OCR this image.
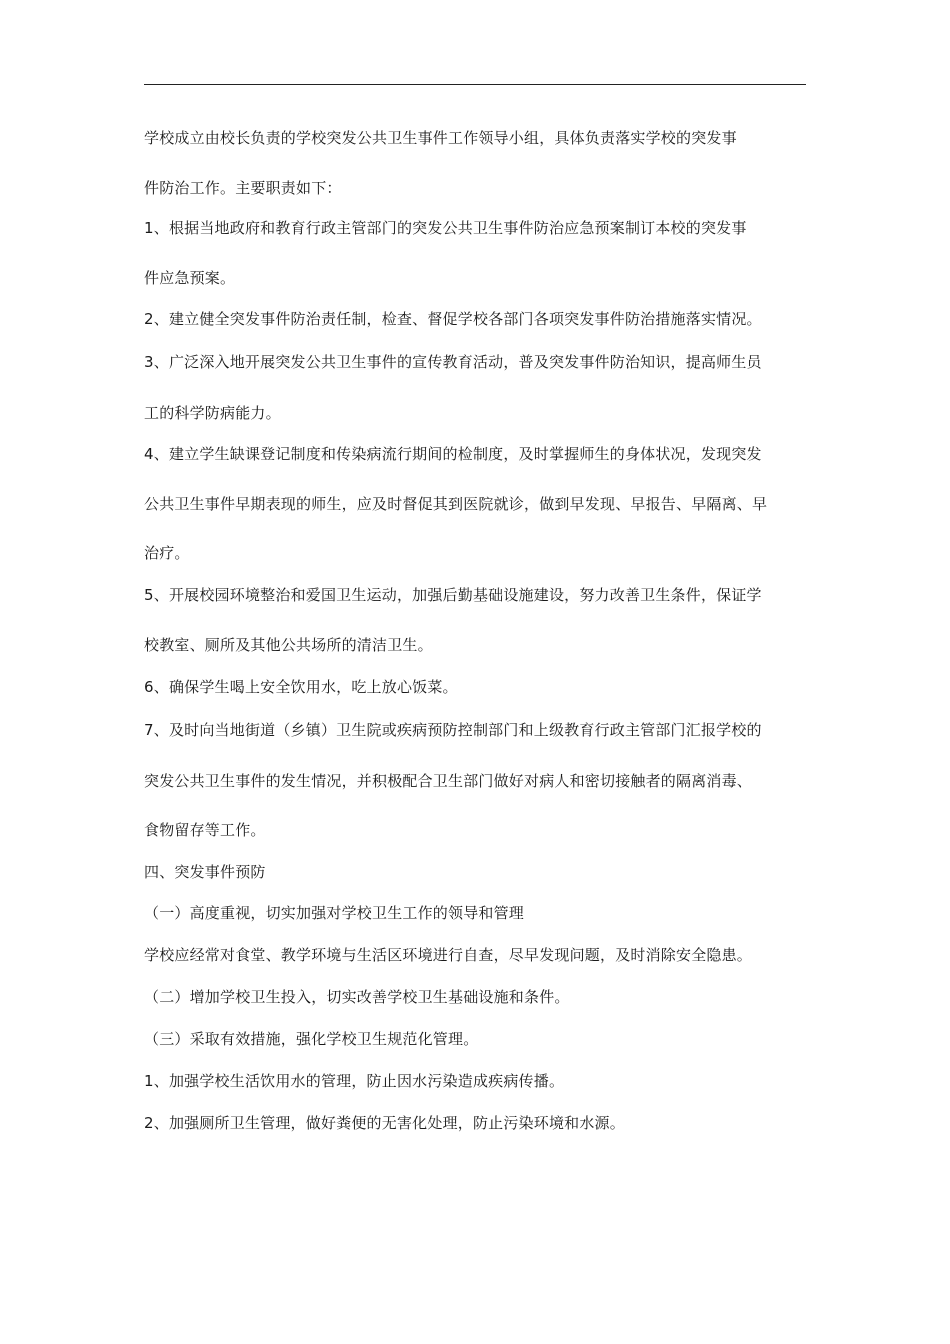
学校成立由校长负责的学校突发公共卫生事件工作领导小组，具体负责落实学校的突发事
件防治工作。主要职责如下：
1、根据当地政府和教育行政主管部门的突发公共卫生事件防治应急预案制订本校的突发事
件应急预案。
2、建立健全突发事件防治责任制，检查、督促学校各部门各项突发事件防治措施落实情况。
3、广泛深入地开展突发公共卫生事件的宣传教育活动，普及突发事件防治知识，提高师生员
工的科学防病能力。
4、建立学生缺课登记制度和传染病流行期间的检制度，及时掌握师生的身体状况，发现突发
公共卫生事件早期表现的师生，应及时督促其到医院就诊，做到早发现、早报告、早隔离、早
治疗。
5、开展校园环境整治和爱国卫生运动，加强后勤基础设施建设，努力改善卫生条件，保证学
校教室、厕所及其他公共场所的清洁卫生。
6、确保学生喝上安全饮用水，吃上放心饭菜。
7、及时向当地街道（乡镇）卫生院或疾病预防控制部门和上级教育行政主管部门汇报学校的
突发公共卫生事件的发生情况，并积极配合卫生部门做好对病人和密切接触者的隔离消毒、
食物留存等工作。
四、突发事件预防
（一）高度重视，切实加强对学校卫生工作的领导和管理
学校应经常对食堂、教学环境与生活区环境进行自查，尽早发现问题，及时消除安全隐患。
（二）增加学校卫生投入，切实改善学校卫生基础设施和条件。
（三）采取有效措施，强化学校卫生规范化管理。
1、加强学校生活饮用水的管理，防止因水污染造成疾病传播。
2、加强厕所卫生管理，做好粪便的无害化处理，防止污染环境和水源。
